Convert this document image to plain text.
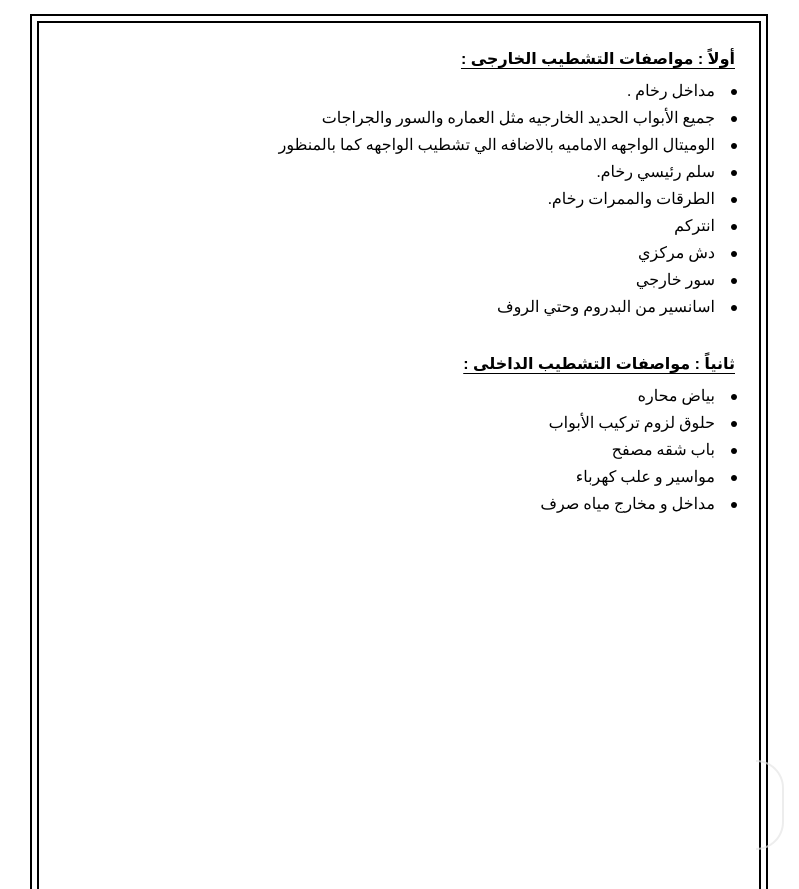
أولاً : مواصفات التشطيب الخارجى :
مداخل رخام .
جميع الأبواب الحديد الخارجيه مثل العماره والسور والجراجات
الوميتال الواجهه الاماميه بالاضافه الي تشطيب الواجهه كما بالمنظور
سلم رئيسي رخام.
الطرقات والممرات رخام.
انتركم
دش مركزي
سور خارجي
اسانسير من البدروم وحتي الروف
ثانياً : مواصفات التشطيب الداخلى :
بياض محاره
حلوق لزوم تركيب الأبواب
باب شقه مصفح
مواسير و علب كهرباء
مداخل و مخارج مياه صرف
